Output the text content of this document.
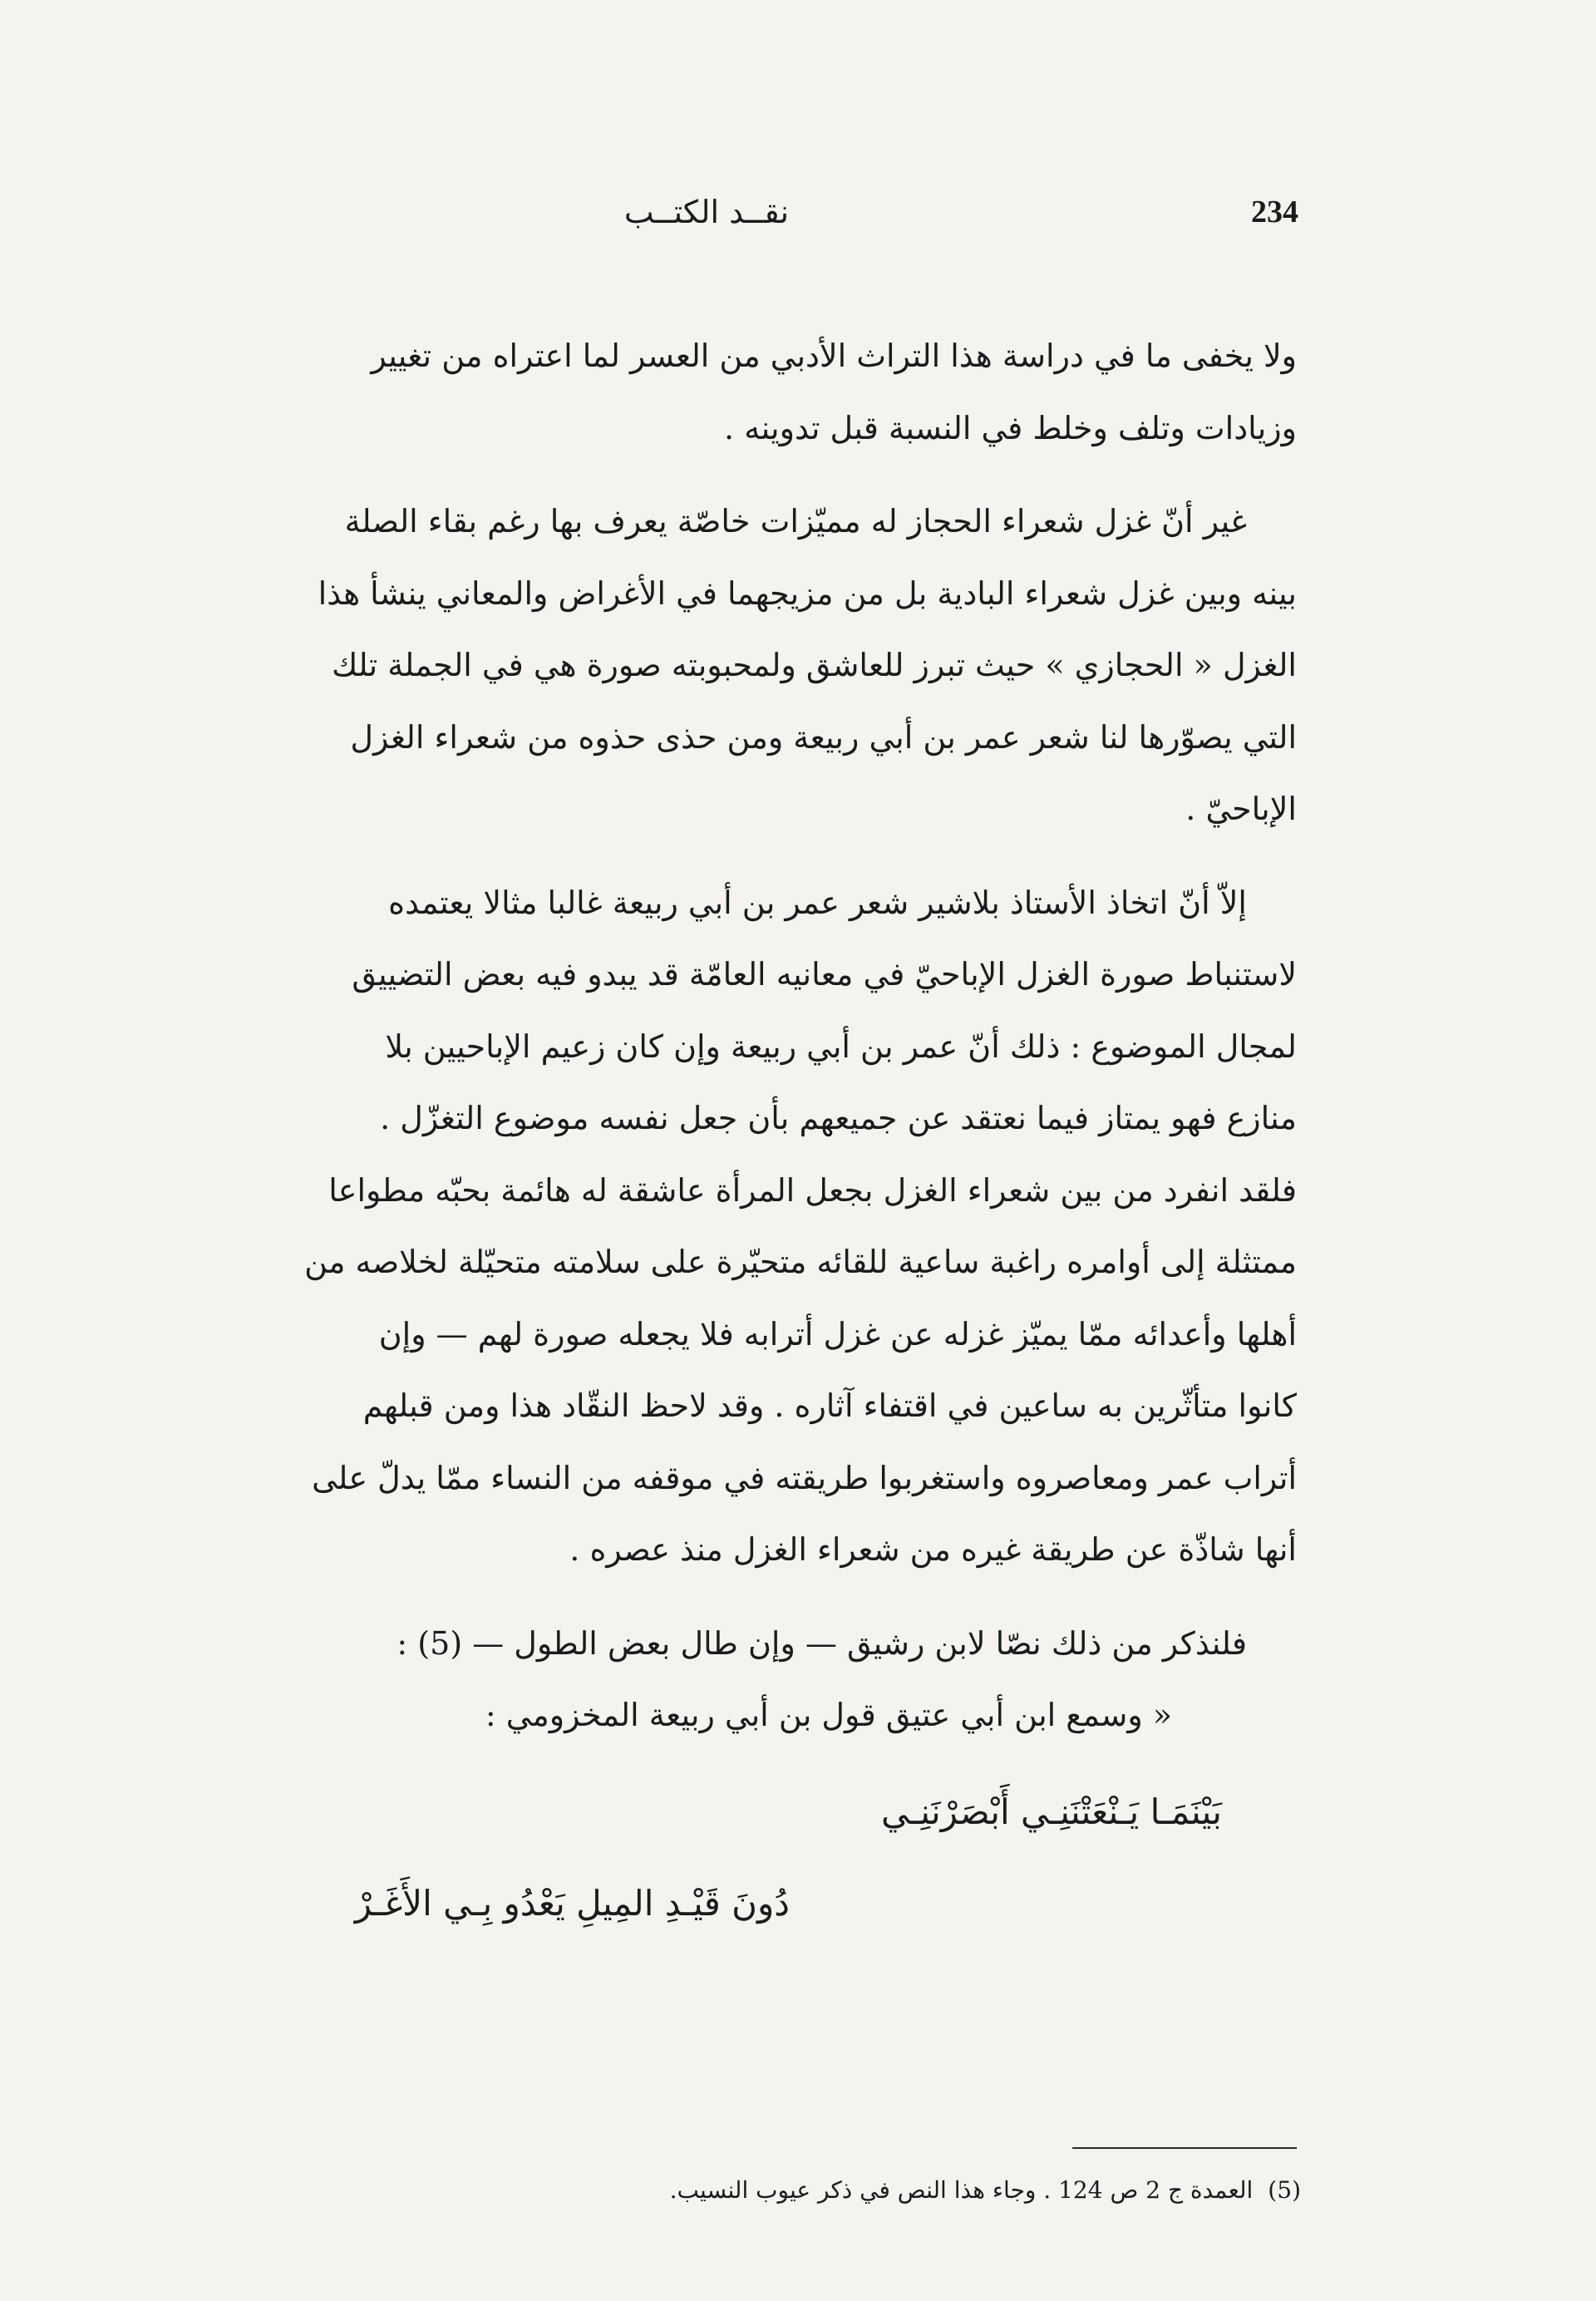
234
نقــد الكتــب

ولا يخفى ما في دراسة هذا التراث الأدبي من العسر لما اعتراه من تغيير

وزيادات وتلف وخلط في النسبة قبل تدوينه .

غير أنّ غزل شعراء الحجاز له مميّزات خاصّة يعرف بها رغم بقاء الصلة

بينه وبين غزل شعراء البادية بل من مزيجهما في الأغراض والمعاني ينشأ هذا

الغزل « الحجازي » حيث تبرز للعاشق ولمحبوبته صورة هي في الجملة تلك

التي يصوّرها لنا شعر عمر بن أبي ربيعة ومن حذى حذوه من شعراء الغزل

الإباحيّ .

إلاّ أنّ اتخاذ الأستاذ بلاشير شعر عمر بن أبي ربيعة غالبا مثالا يعتمده

لاستنباط صورة الغزل الإباحيّ في معانيه العامّة قد يبدو فيه بعض التضييق

لمجال الموضوع : ذلك أنّ عمر بن أبي ربيعة وإن كان زعيم الإباحيين بلا

منازع فهو يمتاز فيما نعتقد عن جميعهم بأن جعل نفسه موضوع التغزّل .

فلقد انفرد من بين شعراء الغزل بجعل المرأة عاشقة له هائمة بحبّه مطواعا

ممتثلة إلى أوامره راغبة ساعية للقائه متحيّرة على سلامته متحيّلة لخلاصه من

أهلها وأعدائه ممّا يميّز غزله عن غزل أترابه فلا يجعله صورة لهم — وإن

كانوا متأثّرين به ساعين في اقتفاء آثاره . وقد لاحظ النقّاد هذا ومن قبلهم

أتراب عمر ومعاصروه واستغربوا طريقته في موقفه من النساء ممّا يدلّ على

أنها شاذّة عن طريقة غيره من شعراء الغزل منذ عصره .

فلنذكر من ذلك نصّا لابن رشيق — وإن طال بعض الطول — (5) :

« وسمع ابن أبي عتيق قول بن أبي ربيعة المخزومي :

بَيْنَمَـا يَـنْعَتْنَنِـي أَبْصَرْنَنِـي
دُونَ قَيْـدِ المِيلِ يَعْدُو بِـي الأَغَـرْ
(5)العمدة ج 2 ص 124 . وجاء هذا النص في ذكر عيوب النسيب.
